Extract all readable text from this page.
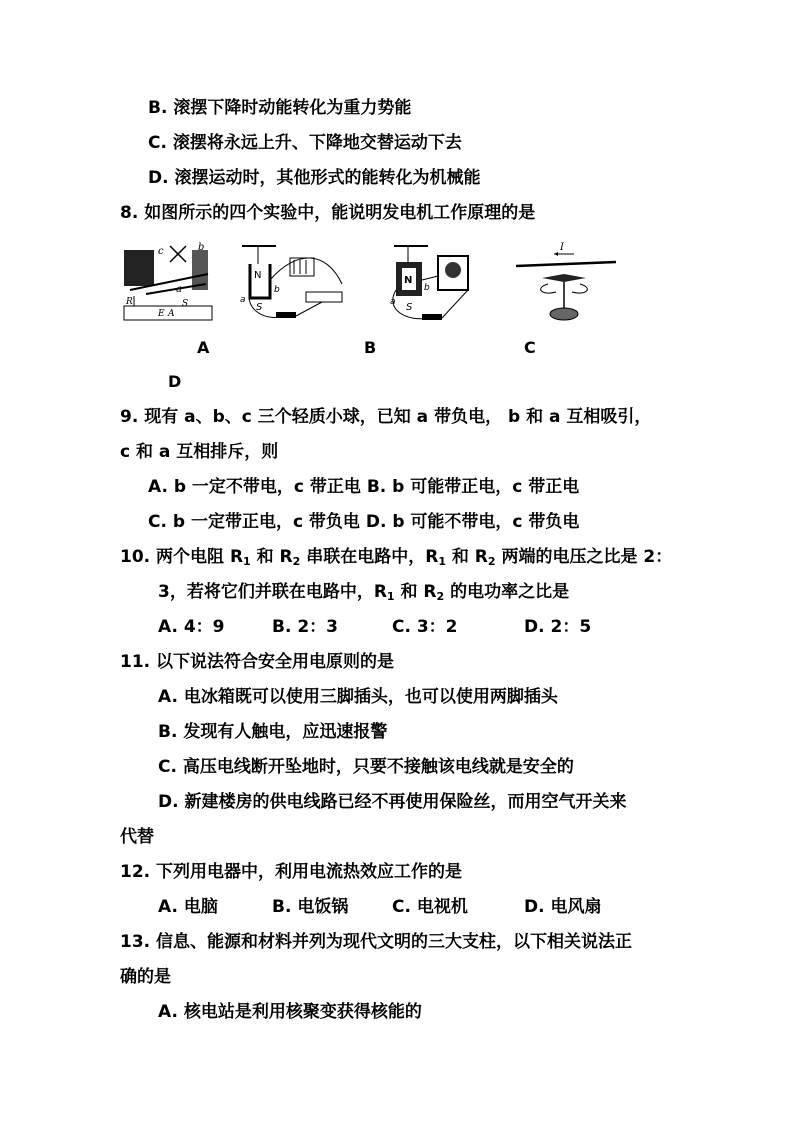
B. 滚摆下降时动能转化为重力势能
C. 滚摆将永远上升、下降地交替运动下去
D. 滚摆运动时，其他形式的能转化为机械能
8. 如图所示的四个实验中，能说明发电机工作原理的是
c
a
b
R
E A
S
N
S
a
b
N
S
a
b
I
A	B	C
D
9. 现有 a、b、c 三个轻质小球，已知 a 带负电， b 和 a 互相吸引，
c 和 a 互相排斥，则
A. b 一定不带电，c 带正电 B. b 可能带正电，c 带正电
C. b 一定带正电，c 带负电 D. b 可能不带电，c 带负电
10. 两个电阻 $R_1$ 和 $R_2$ 串联在电路中，$R_1$ 和 $R_2$ 两端的电压之比是 2：
3，若将它们并联在电路中，$R_1$ 和 $R_2$ 的电功率之比是
A. 4：9	B. 2：3	C. 3：2	D. 2：5
11. 以下说法符合安全用电原则的是
A. 电冰箱既可以使用三脚插头，也可以使用两脚插头
B. 发现有人触电，应迅速报警
C. 高压电线断开坠地时，只要不接触该电线就是安全的
D. 新建楼房的供电线路已经不再使用保险丝，而用空气开关来
代替
12. 下列用电器中，利用电流热效应工作的是
A. 电脑	B. 电饭锅	C. 电视机	D. 电风扇
13. 信息、能源和材料并列为现代文明的三大支柱，以下相关说法正
确的是
A. 核电站是利用核聚变获得核能的
